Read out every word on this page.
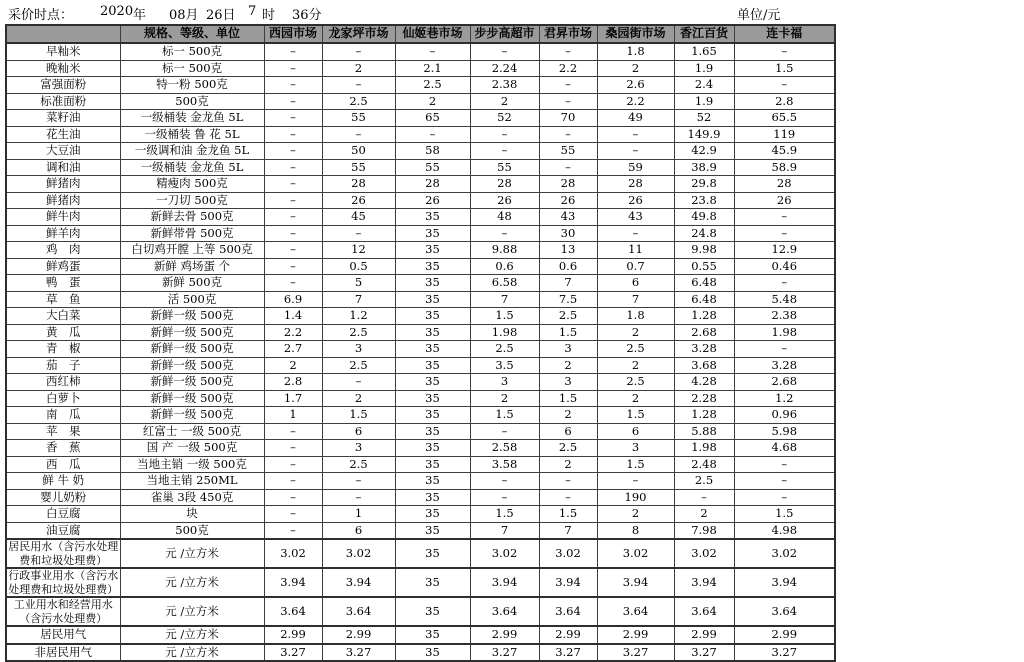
采价时点： 2020 年 08月 26日 7 时 36分	单位/元
	规格、等级、单位	西园市场	龙家坪市场	仙姬巷市场	步步高超市	君昇市场	桑园街市场	香江百货	连卡福
早籼米	标一 500克	–	–	–	–	–	1.8	1.65	–
晚籼米	标一 500克	–	2	2.1	2.24	2.2	2	1.9	1.5
富强面粉	特一粉 500克	–	–	2.5	2.38	–	2.6	2.4	–
标准面粉	500克	–	2.5	2	2	–	2.2	1.9	2.8
菜籽油	一级桶装 金龙鱼 5L	–	55	65	52	70	49	52	65.5
花生油	一级桶装 鲁 花 5L	–	–	–	–	–	–	149.9	119
大豆油	一级调和油 金龙鱼 5L	–	50	58	–	55	–	42.9	45.9
调和油	一级桶装 金龙鱼 5L	–	55	55	55	–	59	38.9	58.9
鲜猪肉	精瘦肉 500克	–	28	28	28	28	28	29.8	28
鲜猪肉	一刀切 500克	–	26	26	26	26	26	23.8	26
鲜牛肉	新鲜去骨 500克	–	45	35	48	43	43	49.8	–
鲜羊肉	新鲜带骨 500克	–	–	35	–	30	–	24.8	–
鸡　肉	白切鸡开膛 上等 500克	–	12	35	9.88	13	11	9.98	12.9
鲜鸡蛋	新鲜 鸡场蛋 个	–	0.5	35	0.6	0.6	0.7	0.55	0.46
鸭　蛋	新鲜 500克	–	5	35	6.58	7	6	6.48	–
草　鱼	活 500克	6.9	7	35	7	7.5	7	6.48	5.48
大白菜	新鲜一级 500克	1.4	1.2	35	1.5	2.5	1.8	1.28	2.38
黄　瓜	新鲜一级 500克	2.2	2.5	35	1.98	1.5	2	2.68	1.98
青　椒	新鲜一级 500克	2.7	3	35	2.5	3	2.5	3.28	–
茄　子	新鲜一级 500克	2	2.5	35	3.5	2	2	3.68	3.28
西红柿	新鲜一级 500克	2.8	–	35	3	3	2.5	4.28	2.68
白萝卜	新鲜一级 500克	1.7	2	35	2	1.5	2	2.28	1.2
南　瓜	新鲜一级 500克	1	1.5	35	1.5	2	1.5	1.28	0.96
苹　果	红富士 一级 500克	–	6	35	–	6	6	5.88	5.98
香　蕉	国 产 一级 500克	–	3	35	2.58	2.5	3	1.98	4.68
西　瓜	当地主销 一级 500克	–	2.5	35	3.58	2	1.5	2.48	–
鲜 牛 奶	当地主销 250ML	–	–	35	–	–	–	2.5	–
婴儿奶粉	雀巢 3段 450克	–	–	35	–	–	190	–	–
白豆腐	块	–	1	35	1.5	1.5	2	2	1.5
油豆腐	500克	–	6	35	7	7	8	7.98	4.98
居民用水（含污水处理费和垃圾处理费）	元 /立方米	3.02	3.02	35	3.02	3.02	3.02	3.02	3.02
行政事业用水（含污水处理费和垃圾处理费）	元 /立方米	3.94	3.94	35	3.94	3.94	3.94	3.94	3.94
工业用水和经营用水（含污水处理费）	元 /立方米	3.64	3.64	35	3.64	3.64	3.64	3.64	3.64
居民用气	元 /立方米	2.99	2.99	35	2.99	2.99	2.99	2.99	2.99
非居民用气	元 /立方米	3.27	3.27	35	3.27	3.27	3.27	3.27	3.27
